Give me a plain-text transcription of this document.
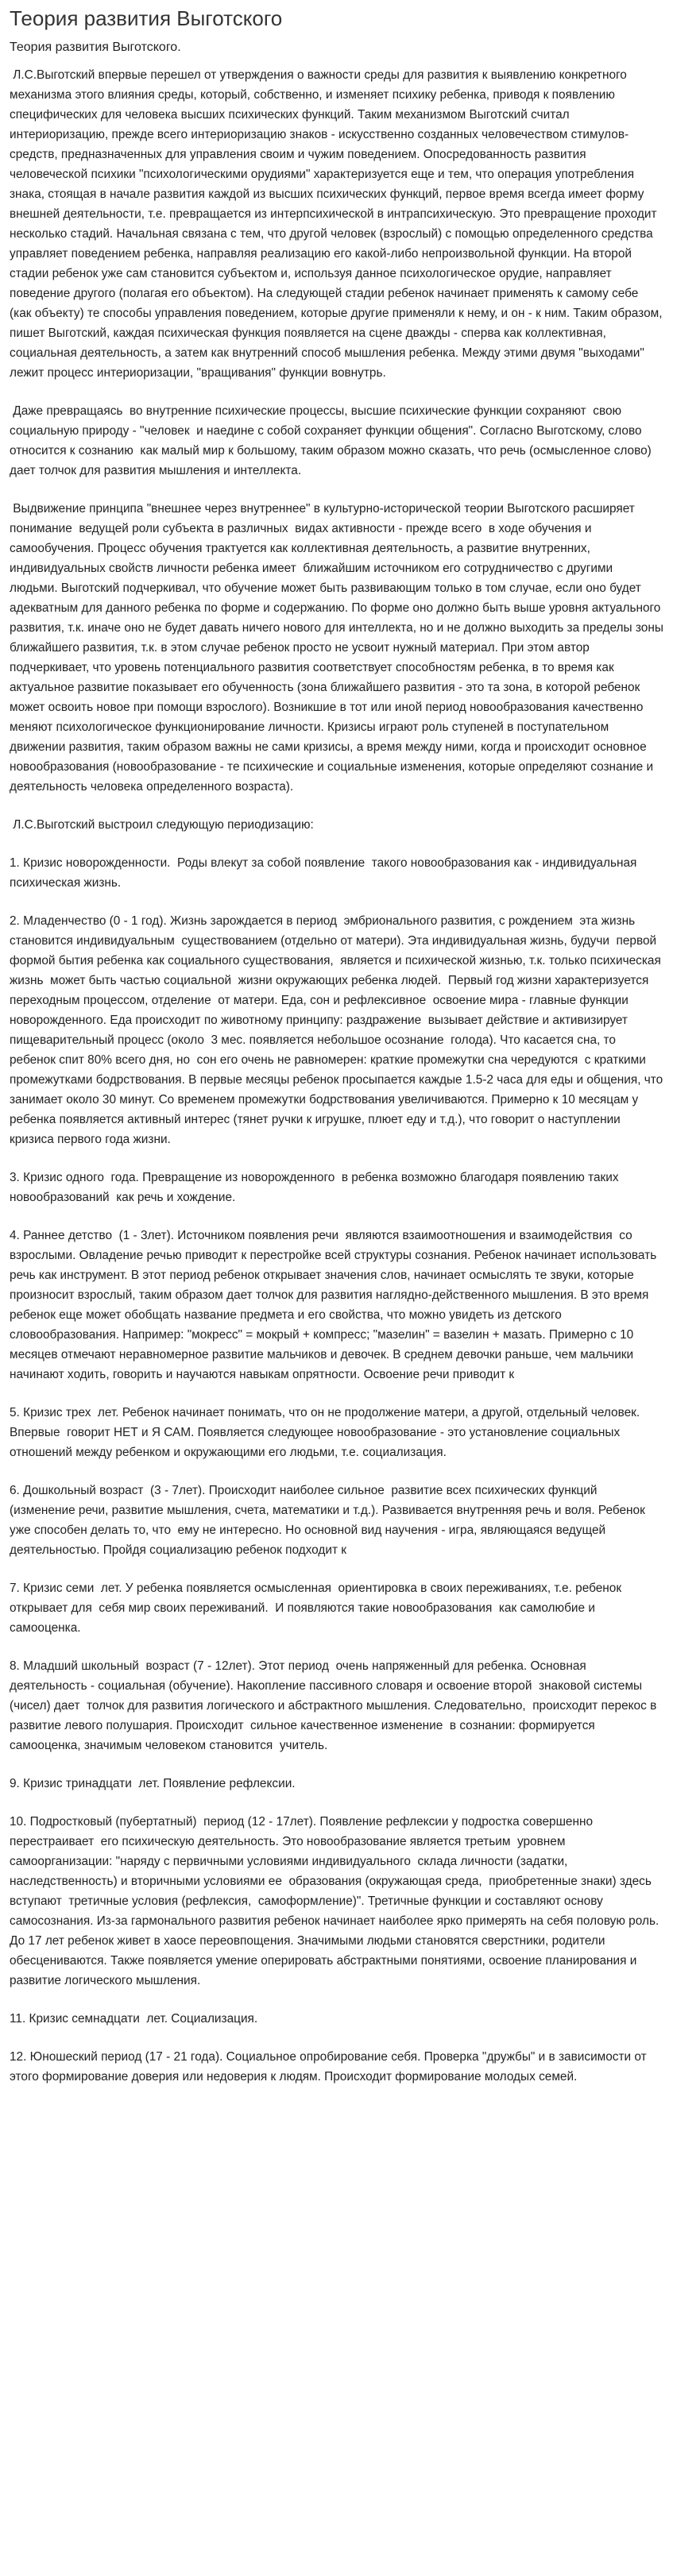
Теория развития Выготского
Теория развития Выготского.

Л.С.Выготский впервые перешел от утверждения о важности среды для развития к выявлению конкретного механизма этого влияния среды, который, собственно, и изменяет психику ребенка, приводя к появлению специфических для человека высших психических функций. Таким механизмом Выготский считал интериоризацию, прежде всего интериоризацию знаков - искусственно созданных человечеством стимулов-средств, предназначенных для управления своим и чужим поведением. Опосредованность развития человеческой психики "психологическими орудиями" характеризуется еще и тем, что операция употребления знака, стоящая в начале развития каждой из высших психических функций, первое время всегда имеет форму внешней деятельности, т.е. превращается из интерпсихической в интрапсихическую. Это превращение проходит несколько стадий. Начальная связана с тем, что другой человек (взрослый) с помощью определенного средства управляет поведением ребенка, направляя реализацию его какой-либо непроизвольной функции. На второй стадии ребенок уже сам становится субъектом и, используя данное психологическое орудие, направляет поведение другого (полагая его объектом). На следующей стадии ребенок начинает применять к самому себе (как объекту) те способы управления поведением, которые другие применяли к нему, и он - к ним. Таким образом, пишет Выготский, каждая психическая функция появляется на сцене дважды - сперва как коллективная, социальная деятельность, а затем как внутренний способ мышления ребенка. Между этими двумя "выходами" лежит процесс интериоризации, "вращивания" функции вовнутрь.

Даже превращаясь  во внутренние психические процессы, высшие психические функции сохраняют  свою социальную природу - "человек  и наедине с собой сохраняет функции общения". Согласно Выготскому, слово относится к сознанию  как малый мир к большому, таким образом можно сказать, что речь (осмысленное слово) дает толчок для развития мышления и интеллекта.

Выдвижение принципа "внешнее через внутреннее" в культурно-исторической теории Выготского расширяет понимание  ведущей роли субъекта в различных  видах активности - прежде всего  в ходе обучения и самообучения. Процесс обучения трактуется как коллективная деятельность, а развитие внутренних, индивидуальных свойств личности ребенка имеет  ближайшим источником его сотрудничество с другими людьми. Выготский подчеркивал, что обучение может быть развивающим только в том случае, если оно будет адекватным для данного ребенка по форме и содержанию. По форме оно должно быть выше уровня актуального развития, т.к. иначе оно не будет давать ничего нового для интеллекта, но и не должно выходить за пределы зоны ближайшего развития, т.к. в этом случае ребенок просто не усвоит нужный материал. При этом автор подчеркивает, что уровень потенциального развития соответствует способностям ребенка, в то время как актуальное развитие показывает его обученность (зона ближайшего развития - это та зона, в которой ребенок может освоить новое при помощи взрослого). Возникшие в тот или иной период новообразования качественно меняют психологическое функционирование личности. Кризисы играют роль ступеней в поступательном движении развития, таким образом важны не сами кризисы, а время между ними, когда и происходит основное новообразования (новообразование - те психические и социальные изменения, которые определяют сознание и деятельность человека определенного возраста).

Л.С.Выготский выстроил следующую периодизацию:

1. Кризис новорожденности.  Роды влекут за собой появление  такого новообразования как - индивидуальная психическая жизнь.

2. Младенчество (0 - 1 год). Жизнь зарождается в период  эмбрионального развития, с рождением  эта жизнь становится индивидуальным  существованием (отдельно от матери). Эта индивидуальная жизнь, будучи  первой формой бытия ребенка как социального существования,  является и психической жизнью, т.к. только психическая жизнь  может быть частью социальной  жизни окружающих ребенка людей.  Первый год жизни характеризуется  переходным процессом, отделение  от матери. Еда, сон и рефлексивное  освоение мира - главные функции  новорожденного. Еда происходит по животному принципу: раздражение  вызывает действие и активизирует пищеварительный процесс (около  3 мес. появляется небольшое осознание  голода). Что касается сна, то  ребенок спит 80% всего дня, но  сон его очень не равномерен: краткие промежутки сна чередуются  с краткими промежутками бодрствования. В первые месяцы ребенок просыпается каждые 1.5-2 часа для еды и общения, что занимает около 30 минут. Со временем промежутки бодрствования увеличиваются. Примерно к 10 месяцам у ребенка появляется активный интерес (тянет ручки к игрушке, плюет еду и т.д.), что говорит о наступлении кризиса первого года жизни.

3. Кризис одного  года. Превращение из новорожденного  в ребенка возможно благодаря появлению таких новообразований  как речь и хождение.

4. Раннее детство  (1 - 3лет). Источником появления речи  являются взаимоотношения и взаимодействия  со взрослыми. Овладение речью приводит к перестройке всей структуры сознания. Ребенок начинает использовать речь как инструмент. В этот период ребенок открывает значения слов, начинает осмыслять те звуки, которые произносит взрослый, таким образом дает толчок для развития наглядно-действенного мышления. В это время ребенок еще может обобщать название предмета и его свойства, что можно увидеть из детского словообразования. Например: "мокресс" = мокрый + компресс; "мазелин" = вазелин + мазать. Примерно с 10 месяцев отмечают неравномерное развитие мальчиков и девочек. В среднем девочки раньше, чем мальчики начинают ходить, говорить и научаются навыкам опрятности. Освоение речи приводит к

5. Кризис трех  лет. Ребенок начинает понимать, что он не продолжение матери, а другой, отдельный человек. Впервые  говорит НЕТ и Я САМ. Появляется следующее новообразование - это установление социальных отношений между ребенком и окружающими его людьми, т.е. социализация.

6. Дошкольный возраст  (3 - 7лет). Происходит наиболее сильное  развитие всех психических функций  (изменение речи, развитие мышления, счета, математики и т.д.). Развивается внутренняя речь и воля. Ребенок  уже способен делать то, что  ему не интересно. Но основной вид научения - игра, являющаяся ведущей деятельностью. Пройдя социализацию ребенок подходит к

7. Кризис семи  лет. У ребенка появляется осмысленная  ориентировка в своих переживаниях, т.е. ребенок открывает для  себя мир своих переживаний.  И появляются такие новообразования  как самолюбие и самооценка.

8. Младший школьный  возраст (7 - 12лет). Этот период  очень напряженный для ребенка. Основная деятельность - социальная (обучение). Накопление пассивного словаря и освоение второй  знаковой системы (чисел) дает  толчок для развития логического и абстрактного мышления. Следовательно,  происходит перекос в развитие левого полушария. Происходит  сильное качественное изменение  в сознании: формируется самооценка, значимым человеком становится  учитель.

9. Кризис тринадцати  лет. Появление рефлексии.

10. Подростковый (пубертатный)  период (12 - 17лет). Появление рефлексии у подростка совершенно перестраивает  его психическую деятельность. Это новообразование является третьим  уровнем самоорганизации: "наряду с первичными условиями индивидуального  склада личности (задатки, наследственность) и вторичными условиями ее  образования (окружающая среда,  приобретенные знаки) здесь вступают  третичные условия (рефлексия,  самоформление)". Третичные функции и составляют основу самосознания. Из-за гармонального развития ребенок начинает наиболее ярко примерять на себя половую роль. До 17 лет ребенок живет в хаосе переовпощения. Значимыми людьми становятся сверстники, родители обесцениваются. Также появляется умение оперировать абстрактными понятиями, освоение планирования и развитие логического мышления.

11. Кризис семнадцати  лет. Социализация.

12. Юношеский период (17 - 21 года). Социальное опробирование себя. Проверка "дружбы" и в зависимости от этого формирование доверия или недоверия к людям. Происходит формирование молодых семей.
